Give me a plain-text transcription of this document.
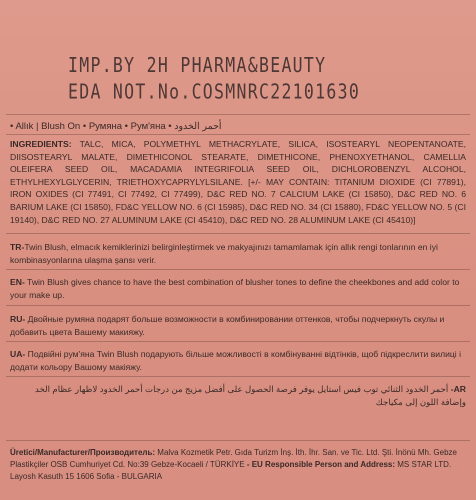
IMP.BY 2H PHARMA&BEAUTY
EDA NOT.No.COSMNRC22101630
• Allık | Blush On • Румяна • Рум'яна • أحمر الخدود
INGREDIENTS: TALC, MICA, POLYMETHYL METHACRYLATE, SILICA, ISOSTEARYL NEOPENTANOATE, DIISOSTEARYL MALATE, DIMETHICONOL STEARATE, DIMETHICONE, PHENOXYETHANOL, CAMELLIA OLEIFERA SEED OIL, MACADAMIA INTEGRIFOLIA SEED OIL, DICHLOROBENZYL ALCOHOL, ETHYLHEXYLGLYCERIN, TRIETHOXYCAPRYLYLSILANE. [+/- MAY CONTAIN: TITANIUM DIOXIDE (CI 77891), IRON OXIDES (CI 77491, CI 77492, CI 77499), D&C RED NO. 7 CALCIUM LAKE (CI 15850), D&C RED NO. 6 BARIUM LAKE (CI 15850), FD&C YELLOW NO. 6 (CI 15985), D&C RED NO. 34 (CI 15880), FD&C YELLOW NO. 5 (CI 19140), D&C RED NO. 27 ALUMINUM LAKE (CI 45410), D&C RED NO. 28 ALUMINUM LAKE (CI 45410)]
TR-Twin Blush, elmacık kemiklerinizi belirginleştirmek ve makyajınızı tamamlamak için allık rengi tonlarının en iyi kombinasyonlarına ulaşma şansı verir.
EN- Twin Blush gives chance to have the best combination of blusher tones to define the cheekbones and add color to your make up.
RU- Двойные румяна подарят больше возможности в комбинировании оттенков, чтобы подчеркнуть скулы и добавить цвета Вашему макияжу.
UA- Подвійні рум'яна Twin Blush подарують більше можливості в комбінуванні відтінків, щоб підкреслити вилиці і додати кольору Вашому макіяжу.
AR- أحمر الخدود الثنائي توب فيس استايل يوفر فرصة الحصول على أفضل مزيج من درجات أحمر الخدود لاظهار عظام الخد وإضافة اللون إلى مكياجك
Üretici/Manufacturer/Производитель: Malva Kozmetik Petr. Gıda Turizm İnş. İth. İhr. San. ve Tic. Ltd. Şti. İnönü Mh. Gebze Plastikçiler OSB Cumhuriyet Cd. No:39 Gebze-Kocaeli / TÜRKİYE - EU Responsible Person and Address: MS STAR LTD. Layosh Kasuth 15 1606 Sofia - BULGARIA
